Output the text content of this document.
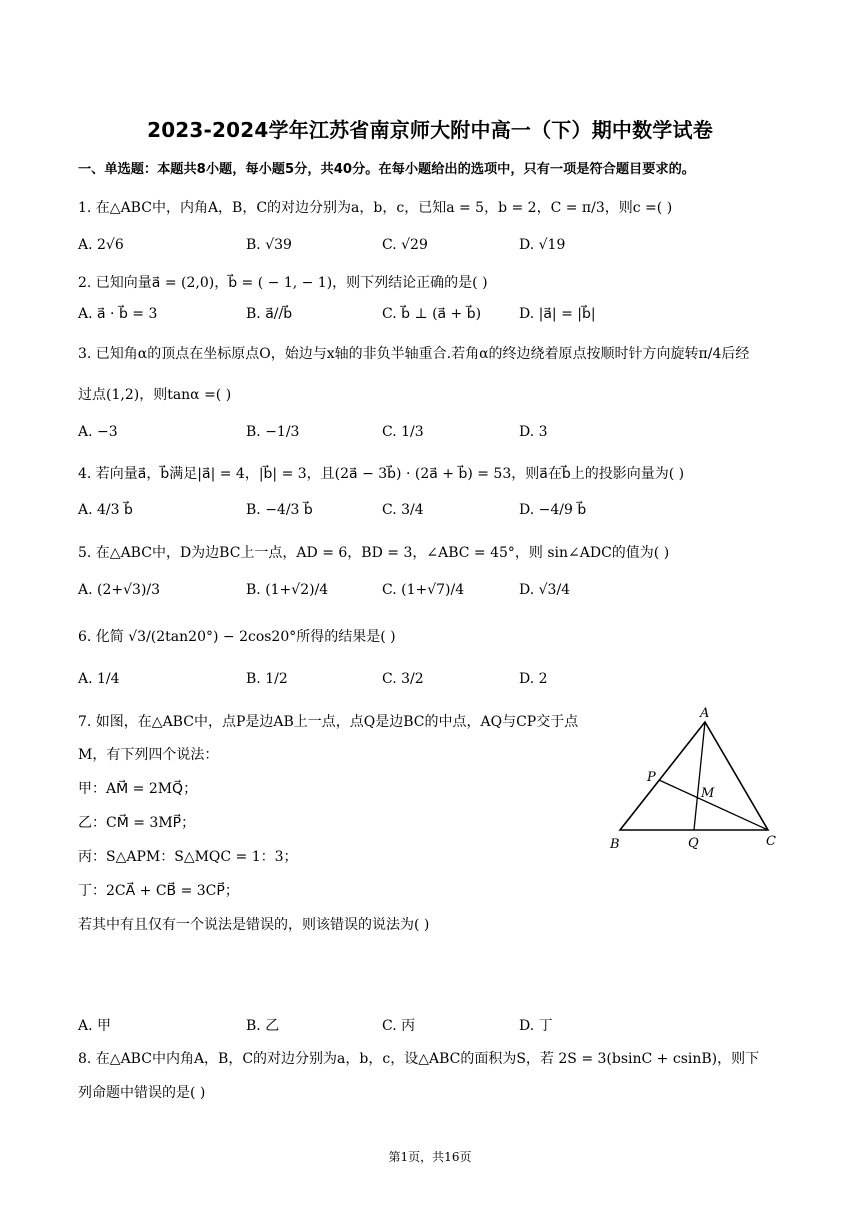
2023-2024学年江苏省南京师大附中高一（下）期中数学试卷
一、单选题：本题共8小题，每小题5分，共40分。在每小题给出的选项中，只有一项是符合题目要求的。
1. 在△ABC中，内角A，B，C的对边分别为a，b，c，已知a = 5，b = 2，C = π/3，则c =( )
A. 2√6	B. √39	C. √29	D. √19
2. 已知向量a⃗ = (2,0)，b⃗ = ( − 1, − 1)，则下列结论正确的是( )
A. a⃗ · b⃗ = 3	B. a⃗//b⃗	C. b⃗ ⊥ (a⃗ + b⃗)	D. |a⃗| = |b⃗|
3. 已知角α的顶点在坐标原点O，始边与x轴的非负半轴重合.若角α的终边绕着原点按顺时针方向旋转π/4后经
过点(1,2)，则tanα =( )
A. −3	B. −1/3	C. 1/3	D. 3
4. 若向量a⃗，b⃗满足|a⃗| = 4，|b⃗| = 3，且(2a⃗ − 3b⃗) · (2a⃗ + b⃗) = 53，则a⃗在b⃗上的投影向量为( )
A. 4/3 b⃗	B. −4/3 b⃗	C. 3/4	D. −4/9 b⃗
5. 在△ABC中，D为边BC上一点，AD = 6，BD = 3，∠ABC = 45°，则 sin∠ADC的值为( )
A. (2+√3)/3	B. (1+√2)/4	C. (1+√7)/4	D. √3/4
6. 化简 √3/(2tan20°) − 2cos20°所得的结果是( )
A. 1/4	B. 1/2	C. 3/2	D. 2
7. 如图，在△ABC中，点P是边AB上一点，点Q是边BC的中点，AQ与CP交于点
M，有下列四个说法：
甲：AM⃗ = 2MQ⃗；
乙：CM⃗ = 3MP⃗；
丙：S△APM：S△MQC = 1：3；
丁：2CA⃗ + CB⃗ = 3CP⃗；
若其中有且仅有一个说法是错误的，则该错误的说法为( )
A. 甲	B. 乙	C. 丙	D. 丁
A
P
M
B	Q	C
8. 在△ABC中内角A，B，C的对边分别为a，b，c，设△ABC的面积为S，若 2S = 3(bsinC + csinB)，则下
列命题中错误的是( )
第1页，共16页
